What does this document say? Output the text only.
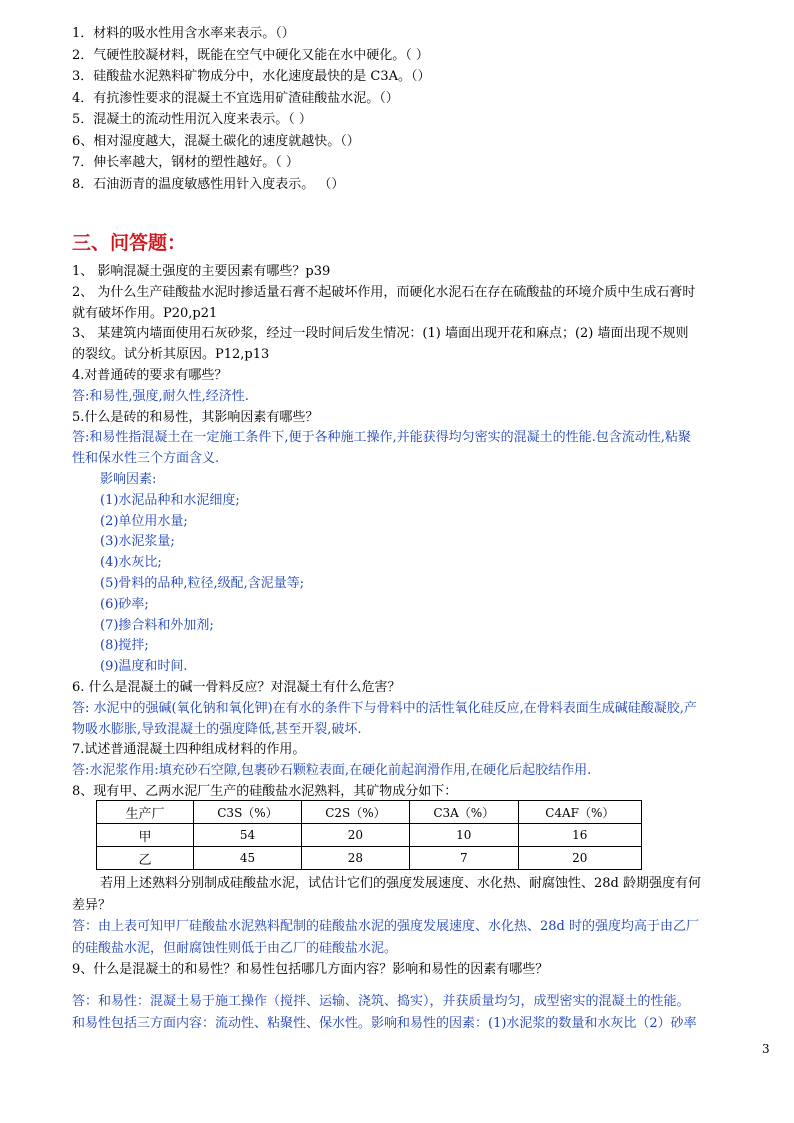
1．材料的吸水性用含水率来表示。（）
2．气硬性胶凝材料，既能在空气中硬化又能在水中硬化。（ ）
3．硅酸盐水泥熟料矿物成分中，水化速度最快的是 C3A。（）
4．有抗渗性要求的混凝土不宜选用矿渣硅酸盐水泥。（）
5．混凝土的流动性用沉入度来表示。（ ）
6、相对湿度越大，混凝土碳化的速度就越快。（）
7．伸长率越大，钢材的塑性越好。（ ）
8．石油沥青的温度敏感性用针入度表示。 （）
三、问答题：
1、 影响混凝土强度的主要因素有哪些？p39
2、 为什么生产硅酸盐水泥时掺适量石膏不起破坏作用，而硬化水泥石在存在硫酸盐的环境介质中生成石膏时
就有破坏作用。P20,p21
3、 某建筑内墙面使用石灰砂浆，经过一段时间后发生情况：(1) 墙面出现开花和麻点；(2) 墙面出现不规则
的裂纹。试分析其原因。P12,p13
4.对普通砖的要求有哪些？
答:和易性,强度,耐久性,经济性.
5.什么是砖的和易性，其影响因素有哪些？
答:和易性指混凝土在一定施工条件下,便于各种施工操作,并能获得均匀密实的混凝土的性能.包含流动性,粘聚
性和保水性三个方面含义.
影响因素:
(1)水泥品种和水泥细度;
(2)单位用水量;
(3)水泥浆量;
(4)水灰比;
(5)骨料的品种,粒径,级配,含泥量等;
(6)砂率;
(7)掺合料和外加剂;
(8)搅拌;
(9)温度和时间.
6. 什么是混凝土的碱一骨料反应？对混凝土有什么危害？
答: 水泥中的强碱(氧化钠和氧化钾)在有水的条件下与骨料中的活性氧化硅反应,在骨料表面生成碱硅酸凝胶,产
物吸水膨胀,导致混凝土的强度降低,甚至开裂,破坏.
7.试述普通混凝土四种组成材料的作用。
答:水泥浆作用:填充砂石空隙,包裹砂石颗粒表面,在硬化前起润滑作用,在硬化后起胶结作用.
8、现有甲、乙两水泥厂生产的硅酸盐水泥熟料，其矿物成分如下：
生产厂	C3S（%）	C2S（%）	C3A（%）	C4AF（%）
甲	54	20	10	16
乙	45	28	7	20
若用上述熟料分别制成硅酸盐水泥，试估计它们的强度发展速度、水化热、耐腐蚀性、28d 龄期强度有何
差异？
答：由上表可知甲厂硅酸盐水泥熟料配制的硅酸盐水泥的强度发展速度、水化热、28d 时的强度均高于由乙厂
的硅酸盐水泥，但耐腐蚀性则低于由乙厂的硅酸盐水泥。
9、什么是混凝土的和易性？和易性包括哪几方面内容？影响和易性的因素有哪些？
答：和易性：混凝土易于施工操作（搅拌、运输、浇筑、捣实），并获质量均匀，成型密实的混凝土的性能。
和易性包括三方面内容：流动性、粘聚性、保水性。影响和易性的因素：(1)水泥浆的数量和水灰比（2）砂率
3
